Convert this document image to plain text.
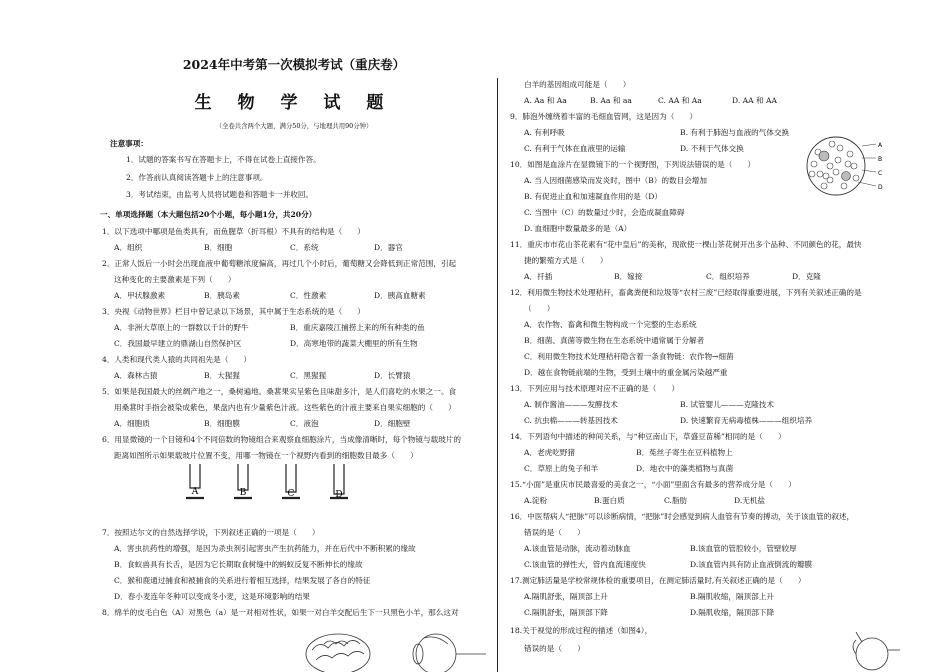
2024年中考第一次模拟考试（重庆卷）
生 物 学 试 题
（全卷共含两个大题，满分50分，与地理共用90分钟）
注意事项：
1．试题的答案书写在答题卡上，不得在试卷上直接作答。
2．作答前认真阅读答题卡上的注意事项。
3．考试结束，由监考人员将试题卷和答题卡一并收回。
一、单项选择题（本大题包括20个小题，每小题1分，共20分）
1．以下选项中哪项是鱼类具有，而鱼腥草（折耳根）不具有的结构是（　　）
A．组织	B．细胞	C．系统	D．器官
2．正常人饭后一小时会出现血液中葡萄糖浓度偏高，再过几个小时后，葡萄糖又会降低到正常范围，引起
这种变化的主要激素是下列（　　）
A．甲状腺激素	B．胰岛素	C．性激素	D．胰高血糖素
3．央视《动物世界》栏目中曾记录以下场景，其中属于生态系统的是（　　）
A．非洲大草原上的一群数以千计的野牛	B．重庆嘉陵江捕捞上来的所有种类的鱼
C．我国最早建立的鼎湖山自然保护区	D．高寒地带的蔬菜大棚里的所有生物
4．人类和现代类人猿的共同祖先是（　　）
A．森林古猿	B．大猩猩	C．黑猩猩	D．长臂猿
5．如果是我国最大的丝绸产地之一，桑树遍地。桑葚果实呈紫色且味甜多汁，是人们喜吃的水果之一。食
用桑葚时手指会被染成紫色，果盘内也有少量紫色汁液。这些紫色的汁液主要来自果实细胞的（　　）
A．细胞质	B．细胞膜	C．液泡	D．细胞壁
6．用显微镜的一个目镜和4个不同倍数的物镜组合来观察血细胞涂片，当成像清晰时，每个物镜与载玻片的
距离如图所示如果载玻片位置不变，用哪一物镜在一个视野内看到的细胞数目最多（　　）
A	B	C	D
7．按照达尔文的自然选择学说，下列叙述正确的一项是（　　）
A．害虫抗药性的增强，是因为杀虫剂引起害虫产生抗药能力，并在后代中不断积累的缘故
B．食蚁兽具有长舌，是因为它长期取食树缝中的蚂蚁反复不断伸长的缘故
C．猴和鹿通过捕食和被捕食的关系进行着相互选择，结果发展了各自的特征
D．春小麦连年冬种可以变成冬小麦，这是环境影响的结果
8．绵羊的皮毛白色（A）对黑色（a）是一对相对性状，如果一对白羊交配后生下一只黑色小羊，那么这对
白羊的基因组成可能是（　　）
A. Aa 和 Aa	B. Aa 和 aa	C. AA 和 Aa	D. AA 和 AA
9．肺泡外缠绕着丰富的毛细血管网，这是因为（　　）
A. 有利呼吸	B. 有利于肺泡与血液的气体交换
C. 有利于气体在血液里的运输	D. 不利于气体交换
10．如图是血涂片在显微镜下的一个视野图，下列说法错误的是（　　）
A. 当人因细菌感染而发炎时，图中（B）的数目会增加
B. 有促进止血和加速凝血作用的是（D）
C. 当图中（C）的数量过少时，会造成凝血障碍
D. 血细胞中数量最多的是（A）
11．重庆市市花山茶花素有“花中皇后”的美称，现欲使一棵山茶花树开出多个品种、不同颜色的花，最快
捷的繁殖方式是（　　）
A．扦插	B．嫁接	C．组织培养	D．克隆
12．利用微生物技术处理秸秆，畜禽粪便和垃圾等“农村三废”已经取得重要进展，下列有关叙述正确的是
（　　）
A．农作物、畜禽和微生物构成一个完整的生态系统
B．细菌、真菌等微生物在生态系统中通常属于分解者
C．利用微生物技术处理秸秆隐含着一条食物链：农作物→细菌
D．越在食物链前端的生物，受到土壤中的重金属污染越严重
13．下列应用与技术原理对应不正确的是（　　）
A. 制作酱油———发酵技术	B. 试管婴儿———克隆技术
C. 抗虫棉———转基因技术	D. 快速繁育无病毒植株———组织培养
14．下列语句中描述的种间关系，与“种豆南山下，草盛豆苗稀”相同的是（　　）
A．老虎吃野猪	B．菟丝子寄生在豆科植物上
C．草原上的兔子和羊	D．地衣中的藻类植物与真菌
15.“小面”是重庆市民最喜爱的美食之一，“小面”里面含有最多的营养成分是（　　）
A.淀粉	B.蛋白质	C.脂肪	D.无机盐
16．中医帮病人“把脉”可以诊断病情，“把脉”时会感觉到病人血管有节奏的搏动，关于该血管的叙述，
错误的是（　　）
A.该血管是动脉，流动着动脉血	B.该血管的管腔较小，管壁较厚
C.该血管的弹性大，管内血流速度快	D.该血管内具有防止血液倒流的瓣膜
17.测定肺活量是学校常规体检的重要项目，在测定肺活量时,有关叙述正确的是（　　）
A.隔肌舒张，隔顶部上升	B.隔肌收缩，隔顶部上升
C.隔肌舒张，隔顶部下降	D.隔肌收缩，隔顶部下降
18.关于视觉的形成过程的描述（如图4），
错误的是（　　）
A
B
C
D
